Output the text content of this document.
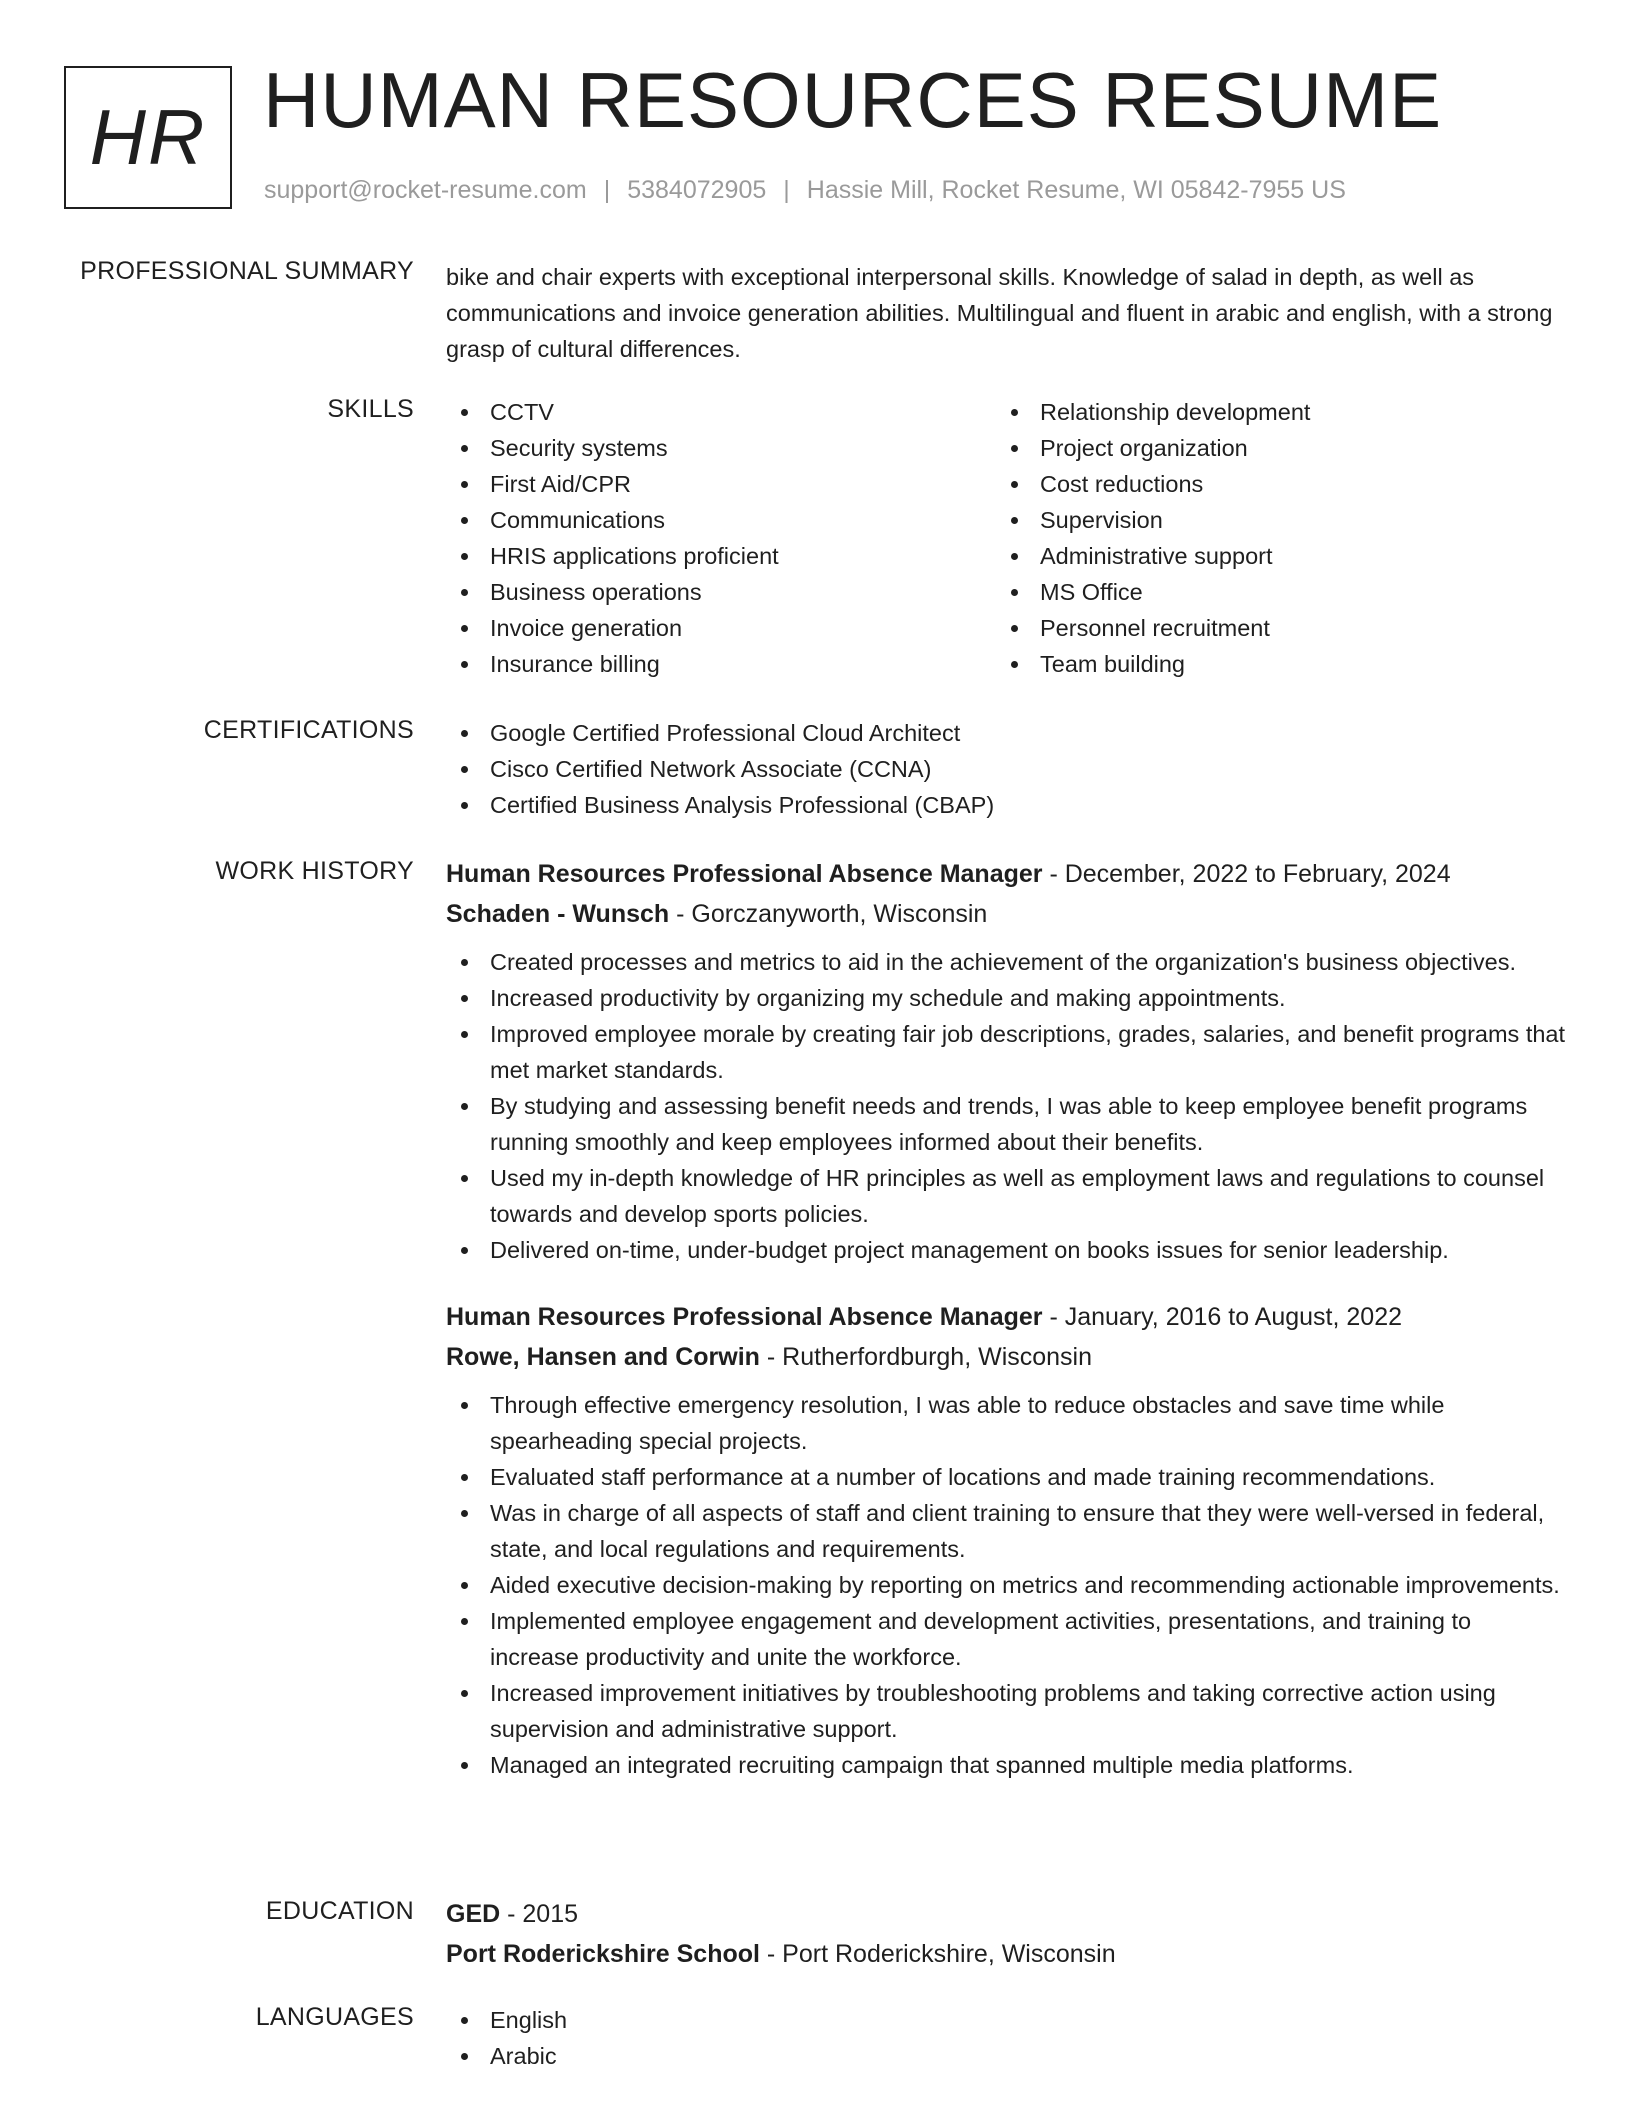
HR HUMAN RESOURCES RESUME
support@rocket-resume.com | 5384072905 | Hassie Mill, Rocket Resume, WI 05842-7955 US
PROFESSIONAL SUMMARY bike and chair experts with exceptional interpersonal skills. Knowledge of salad in depth, as well as communications and invoice generation abilities. Multilingual and fluent in arabic and english, with a strong grasp of cultural differences.
SKILLS	CCTV
Security systems
First Aid/CPR
Communications
HRIS applications proficient
Business operations
Invoice generation
Insurance billing
Relationship development
Project organization
Cost reductions
Supervision
Administrative support
MS Office
Personnel recruitment
Team building
CERTIFICATIONS	Google Certified Professional Cloud Architect
Cisco Certified Network Associate (CCNA)
Certified Business Analysis Professional (CBAP)
WORK HISTORY Human Resources Professional Absence Manager - December, 2022 to February, 2024
Schaden - Wunsch - Gorczanyworth, Wisconsin
Created processes and metrics to aid in the achievement of the organization's business objectives.
Increased productivity by organizing my schedule and making appointments.
Improved employee morale by creating fair job descriptions, grades, salaries, and benefit programs that met market standards.
By studying and assessing benefit needs and trends, I was able to keep employee benefit programs running smoothly and keep employees informed about their benefits.
Used my in-depth knowledge of HR principles as well as employment laws and regulations to counsel towards and develop sports policies.
Delivered on-time, under-budget project management on books issues for senior leadership.
Human Resources Professional Absence Manager - January, 2016 to August, 2022
Rowe, Hansen and Corwin - Rutherfordburgh, Wisconsin
Through effective emergency resolution, I was able to reduce obstacles and save time while spearheading special projects.
Evaluated staff performance at a number of locations and made training recommendations.
Was in charge of all aspects of staff and client training to ensure that they were well-versed in federal, state, and local regulations and requirements.
Aided executive decision-making by reporting on metrics and recommending actionable improvements.
Implemented employee engagement and development activities, presentations, and training to increase productivity and unite the workforce.
Increased improvement initiatives by troubleshooting problems and taking corrective action using supervision and administrative support.
Managed an integrated recruiting campaign that spanned multiple media platforms.
EDUCATION GED - 2015
Port Roderickshire School - Port Roderickshire, Wisconsin
LANGUAGES	English
Arabic
